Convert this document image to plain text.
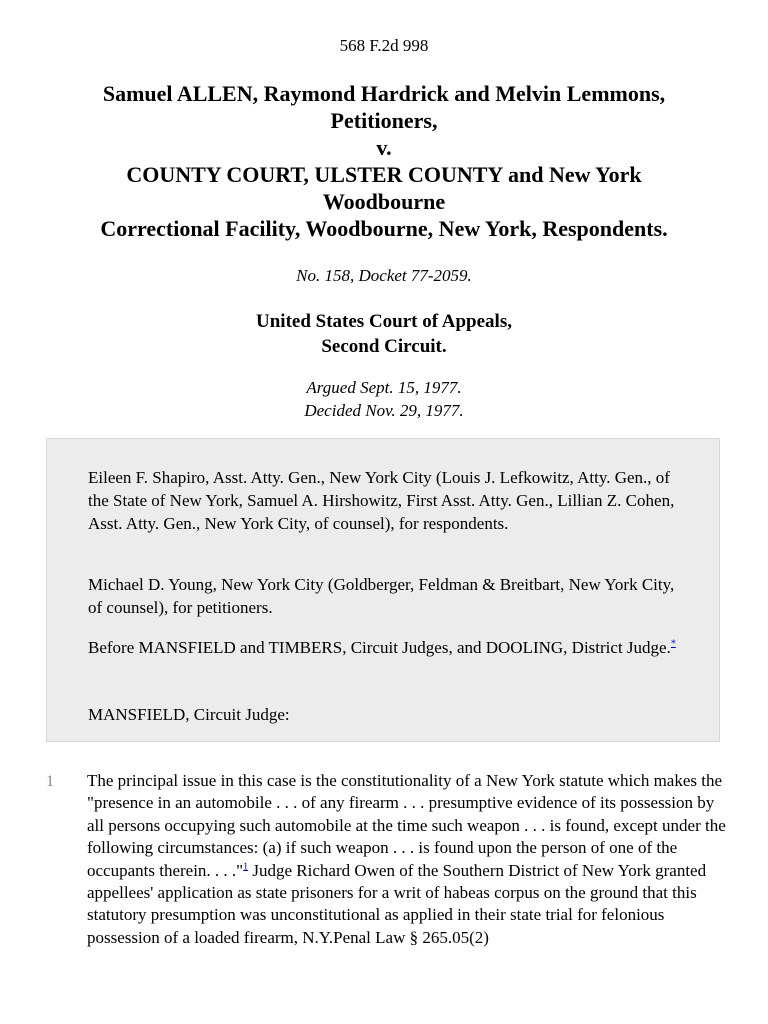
568 F.2d 998
Samuel ALLEN, Raymond Hardrick and Melvin Lemmons,
Petitioners,
v.
COUNTY COURT, ULSTER COUNTY and New York
Woodbourne
Correctional Facility, Woodbourne, New York, Respondents.
No. 158, Docket 77-2059.
United States Court of Appeals,
Second Circuit.
Argued Sept. 15, 1977.
Decided Nov. 29, 1977.

Eileen F. Shapiro, Asst. Atty. Gen., New York City (Louis J. Lefkowitz, Atty. Gen., of the State of New York, Samuel A. Hirshowitz, First Asst. Atty. Gen., Lillian Z. Cohen, Asst. Atty. Gen., New York City, of counsel), for respondents.

Michael D. Young, New York City (Goldberger, Feldman & Breitbart, New York City, of counsel), for petitioners.

Before MANSFIELD and TIMBERS, Circuit Judges, and DOOLING, District Judge.*

MANSFIELD, Circuit Judge:

1 The principal issue in this case is the constitutionality of a New York statute which makes the "presence in an automobile . . . of any firearm . . . presumptive evidence of its possession by all persons occupying such automobile at the time such weapon . . . is found, except under the following circumstances: (a) if such weapon . . . is found upon the person of one of the occupants therein. . . ."$^1$ Judge Richard Owen of the Southern District of New York granted appellees' application as state prisoners for a writ of habeas corpus on the ground that this statutory presumption was unconstitutional as applied in their state trial for felonious possession of a loaded firearm, N.Y.Penal Law § 265.05(2)
